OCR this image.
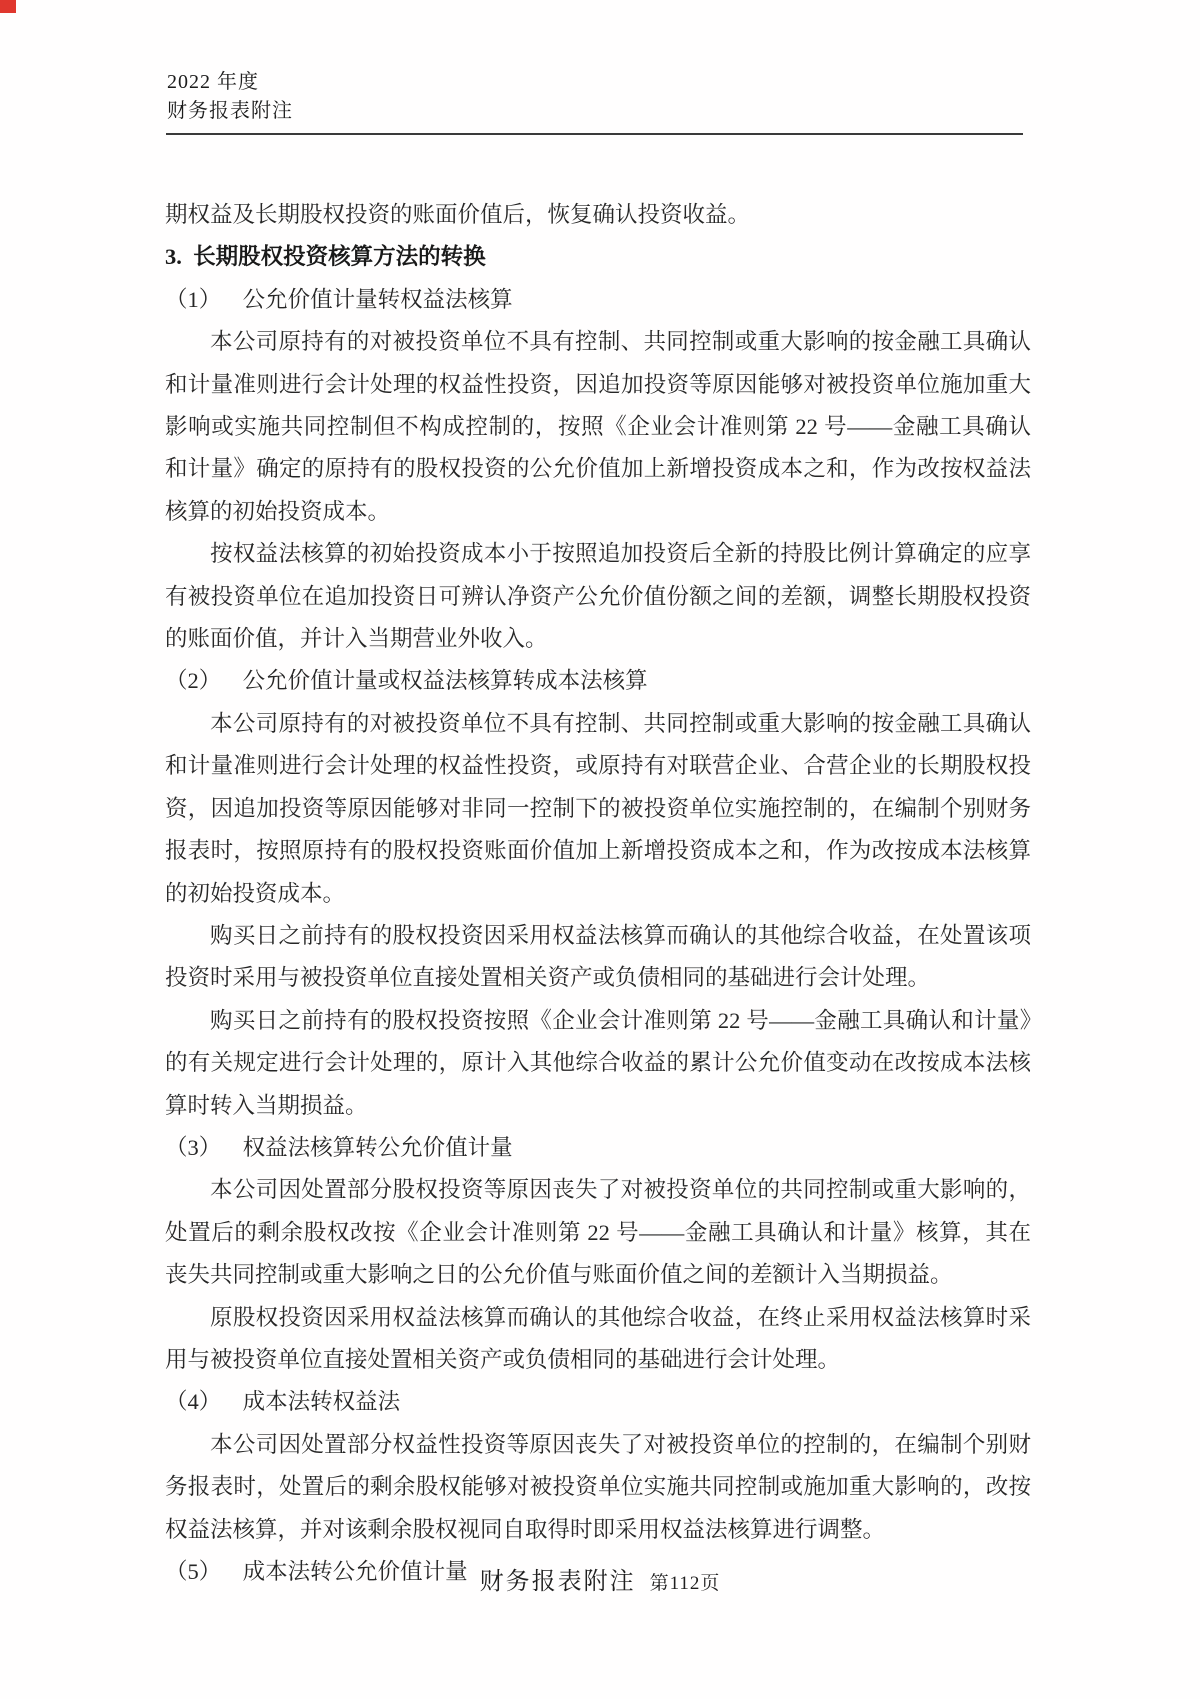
2022 年度
财务报表附注

期权益及长期股权投资的账面价值后，恢复确认投资收益。

3. 长期股权投资核算方法的转换

（1） 公允价值计量转权益法核算

本公司原持有的对被投资单位不具有控制、共同控制或重大影响的按金融工具确认和计量准则进行会计处理的权益性投资，因追加投资等原因能够对被投资单位施加重大影响或实施共同控制但不构成控制的，按照《企业会计准则第 22 号——金融工具确认和计量》确定的原持有的股权投资的公允价值加上新增投资成本之和，作为改按权益法核算的初始投资成本。

按权益法核算的初始投资成本小于按照追加投资后全新的持股比例计算确定的应享有被投资单位在追加投资日可辨认净资产公允价值份额之间的差额，调整长期股权投资的账面价值，并计入当期营业外收入。

（2） 公允价值计量或权益法核算转成本法核算

本公司原持有的对被投资单位不具有控制、共同控制或重大影响的按金融工具确认和计量准则进行会计处理的权益性投资，或原持有对联营企业、合营企业的长期股权投资，因追加投资等原因能够对非同一控制下的被投资单位实施控制的，在编制个别财务报表时，按照原持有的股权投资账面价值加上新增投资成本之和，作为改按成本法核算的初始投资成本。

购买日之前持有的股权投资因采用权益法核算而确认的其他综合收益，在处置该项投资时采用与被投资单位直接处置相关资产或负债相同的基础进行会计处理。

购买日之前持有的股权投资按照《企业会计准则第 22 号——金融工具确认和计量》的有关规定进行会计处理的，原计入其他综合收益的累计公允价值变动在改按成本法核算时转入当期损益。

（3） 权益法核算转公允价值计量

本公司因处置部分股权投资等原因丧失了对被投资单位的共同控制或重大影响的，处置后的剩余股权改按《企业会计准则第 22 号——金融工具确认和计量》核算，其在丧失共同控制或重大影响之日的公允价值与账面价值之间的差额计入当期损益。

原股权投资因采用权益法核算而确认的其他综合收益，在终止采用权益法核算时采用与被投资单位直接处置相关资产或负债相同的基础进行会计处理。

（4） 成本法转权益法

本公司因处置部分权益性投资等原因丧失了对被投资单位的控制的，在编制个别财务报表时，处置后的剩余股权能够对被投资单位实施共同控制或施加重大影响的，改按权益法核算，并对该剩余股权视同自取得时即采用权益法核算进行调整。

（5） 成本法转公允价值计量 财务报表附注 第112页
